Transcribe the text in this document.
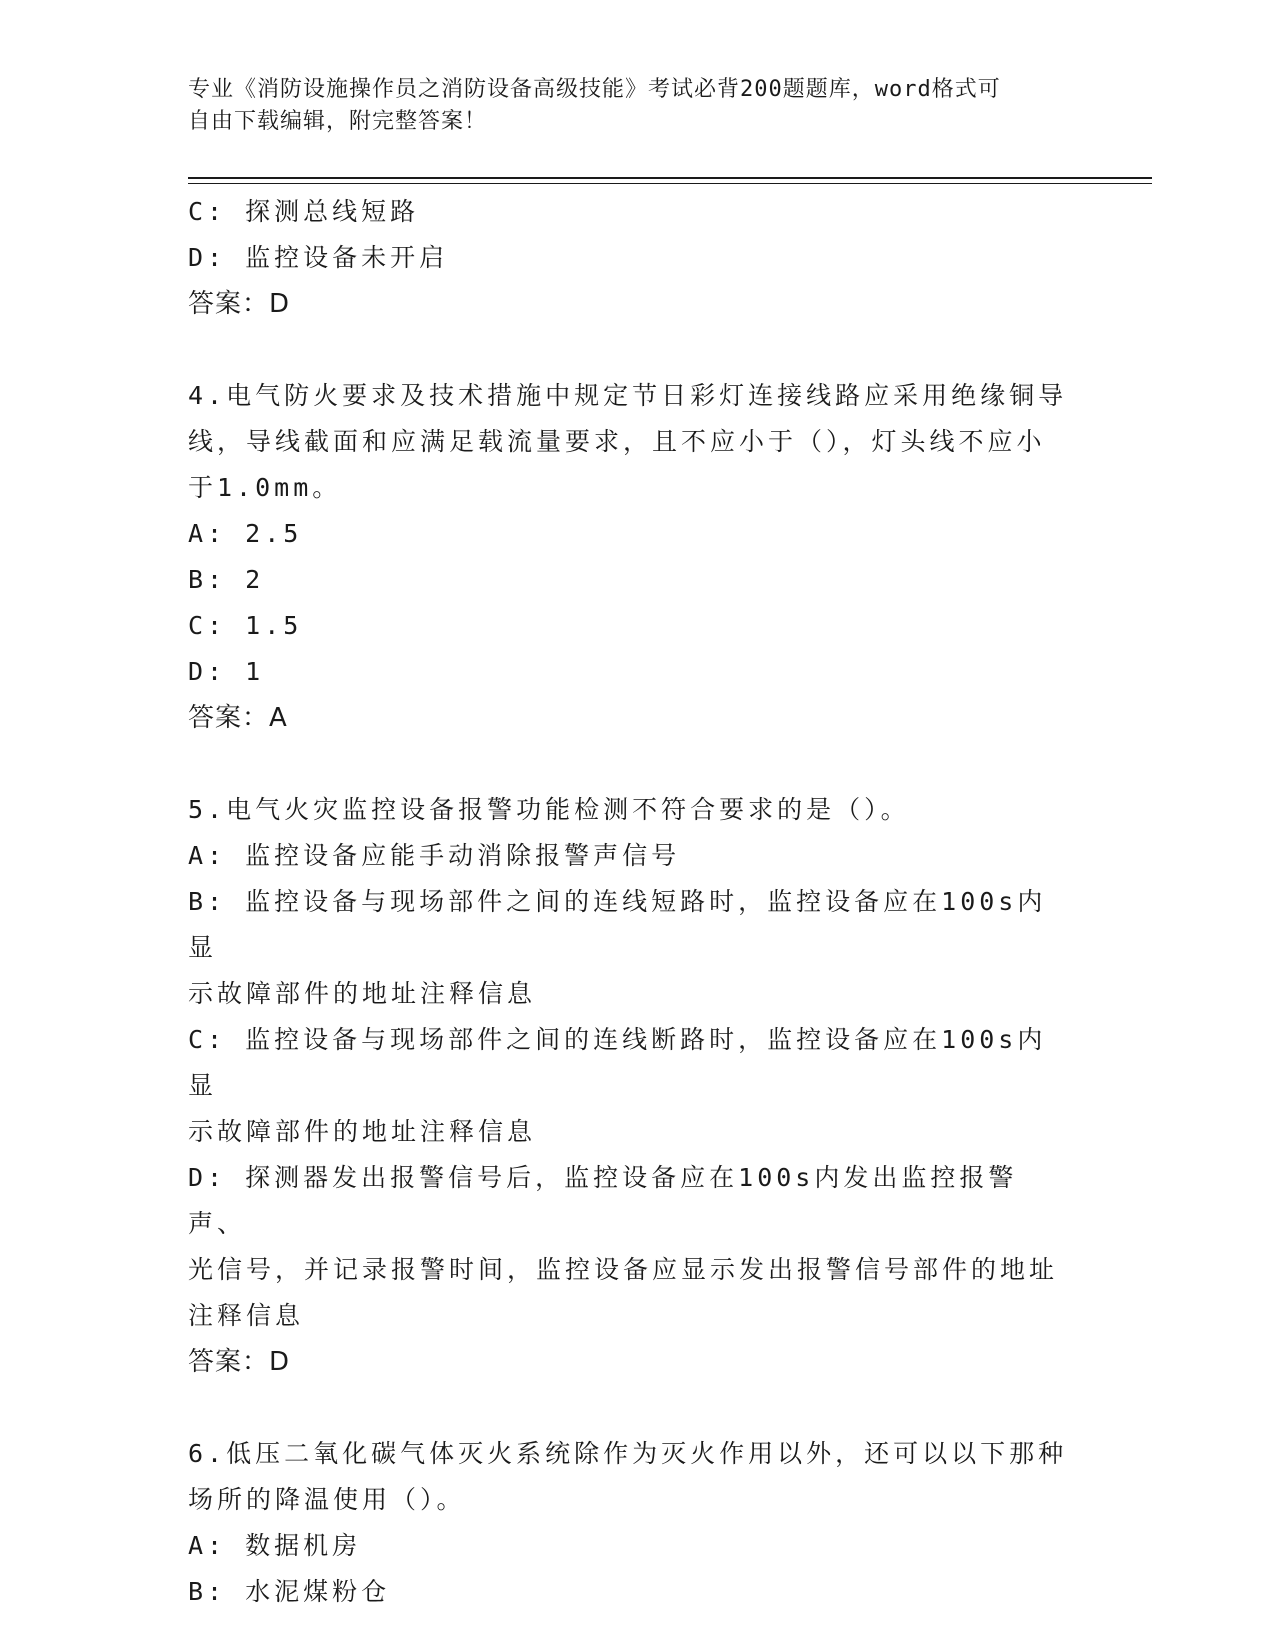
专业《消防设施操作员之消防设备高级技能》考试必背200题题库，word格式可
自由下载编辑，附完整答案！
C: 探测总线短路
D: 监控设备未开启
答案：D
4.电气防火要求及技术措施中规定节日彩灯连接线路应采用绝缘铜导
线，导线截面和应满足载流量要求，且不应小于（），灯头线不应小
于1.0mm。
A: 2.5
B: 2
C: 1.5
D: 1
答案：A
5.电气火灾监控设备报警功能检测不符合要求的是（）。
A: 监控设备应能手动消除报警声信号
B: 监控设备与现场部件之间的连线短路时，监控设备应在100s内显
示故障部件的地址注释信息
C: 监控设备与现场部件之间的连线断路时，监控设备应在100s内显
示故障部件的地址注释信息
D: 探测器发出报警信号后，监控设备应在100s内发出监控报警声、
光信号，并记录报警时间，监控设备应显示发出报警信号部件的地址
注释信息
答案：D
6.低压二氧化碳气体灭火系统除作为灭火作用以外，还可以以下那种
场所的降温使用（）。
A: 数据机房
B: 水泥煤粉仓
